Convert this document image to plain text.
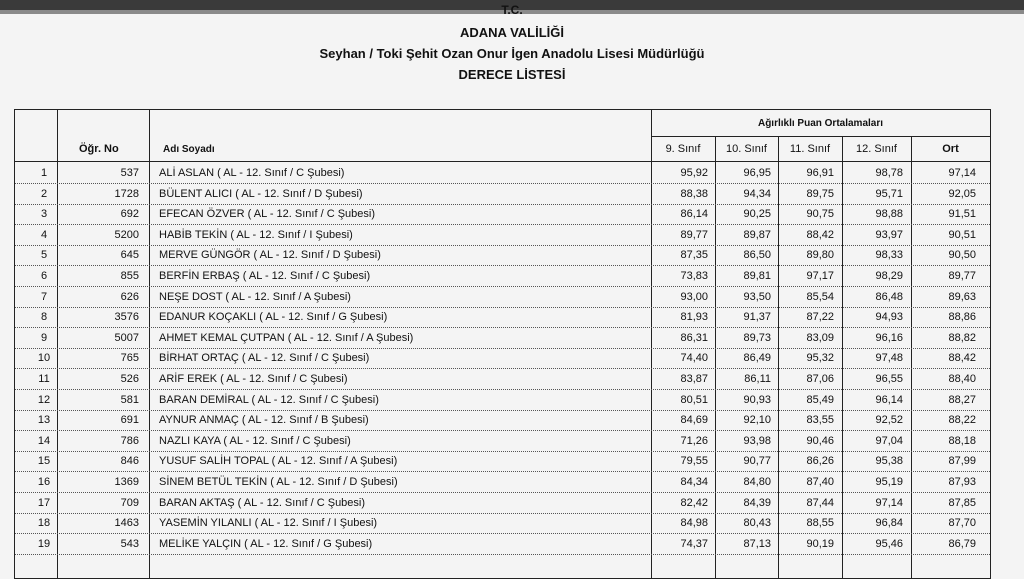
T.C.
ADANA VALİLİĞİ
Seyhan / Toki Şehit Ozan Onur İgen Anadolu Lisesi Müdürlüğü
DERECE LİSTESİ
Ağırlıklı Puan Ortalamaları
Öğr. No	Adı Soyadı	9. Sınıf	10. Sınıf	11. Sınıf	12. Sınıf	Ort
1	537 ALİ ASLAN ( AL - 12. Sınıf / C Şubesi)	95,92	96,95	96,91	98,78	97,14
2	1728 BÜLENT ALICI ( AL - 12. Sınıf / D Şubesi)	88,38	94,34	89,75	95,71	92,05
3	692 EFECAN ÖZVER ( AL - 12. Sınıf / C Şubesi)	86,14	90,25	90,75	98,88	91,51
4	5200 HABİB TEKİN ( AL - 12. Sınıf / I Şubesi)	89,77	89,87	88,42	93,97	90,51
5	645 MERVE GÜNGÖR ( AL - 12. Sınıf / D Şubesi)	87,35	86,50	89,80	98,33	90,50
6	855 BERFİN ERBAŞ ( AL - 12. Sınıf / C Şubesi)	73,83	89,81	97,17	98,29	89,77
7	626 NEŞE DOST ( AL - 12. Sınıf / A Şubesi)	93,00	93,50	85,54	86,48	89,63
8	3576 EDANUR KOÇAKLI ( AL - 12. Sınıf / G Şubesi)	81,93	91,37	87,22	94,93	88,86
9	5007 AHMET KEMAL ÇUTPAN ( AL - 12. Sınıf / A Şubesi)	86,31	89,73	83,09	96,16	88,82
10	765 BİRHAT ORTAÇ ( AL - 12. Sınıf / C Şubesi)	74,40	86,49	95,32	97,48	88,42
11	526 ARİF EREK ( AL - 12. Sınıf / C Şubesi)	83,87	86,11	87,06	96,55	88,40
12	581 BARAN DEMİRAL ( AL - 12. Sınıf / C Şubesi)	80,51	90,93	85,49	96,14	88,27
13	691 AYNUR ANMAÇ ( AL - 12. Sınıf / B Şubesi)	84,69	92,10	83,55	92,52	88,22
14	786 NAZLI KAYA ( AL - 12. Sınıf / C Şubesi)	71,26	93,98	90,46	97,04	88,18
15	846 YUSUF SALİH TOPAL ( AL - 12. Sınıf / A Şubesi)	79,55	90,77	86,26	95,38	87,99
16	1369 SİNEM BETÜL TEKİN ( AL - 12. Sınıf / D Şubesi)	84,34	84,80	87,40	95,19	87,93
17	709 BARAN AKTAŞ ( AL - 12. Sınıf / C Şubesi)	82,42	84,39	87,44	97,14	87,85
18	1463 YASEMİN YILANLI ( AL - 12. Sınıf / I Şubesi)	84,98	80,43	88,55	96,84	87,70
19	543 MELİKE YALÇIN ( AL - 12. Sınıf / G Şubesi)	74,37	87,13	90,19	95,46	86,79
